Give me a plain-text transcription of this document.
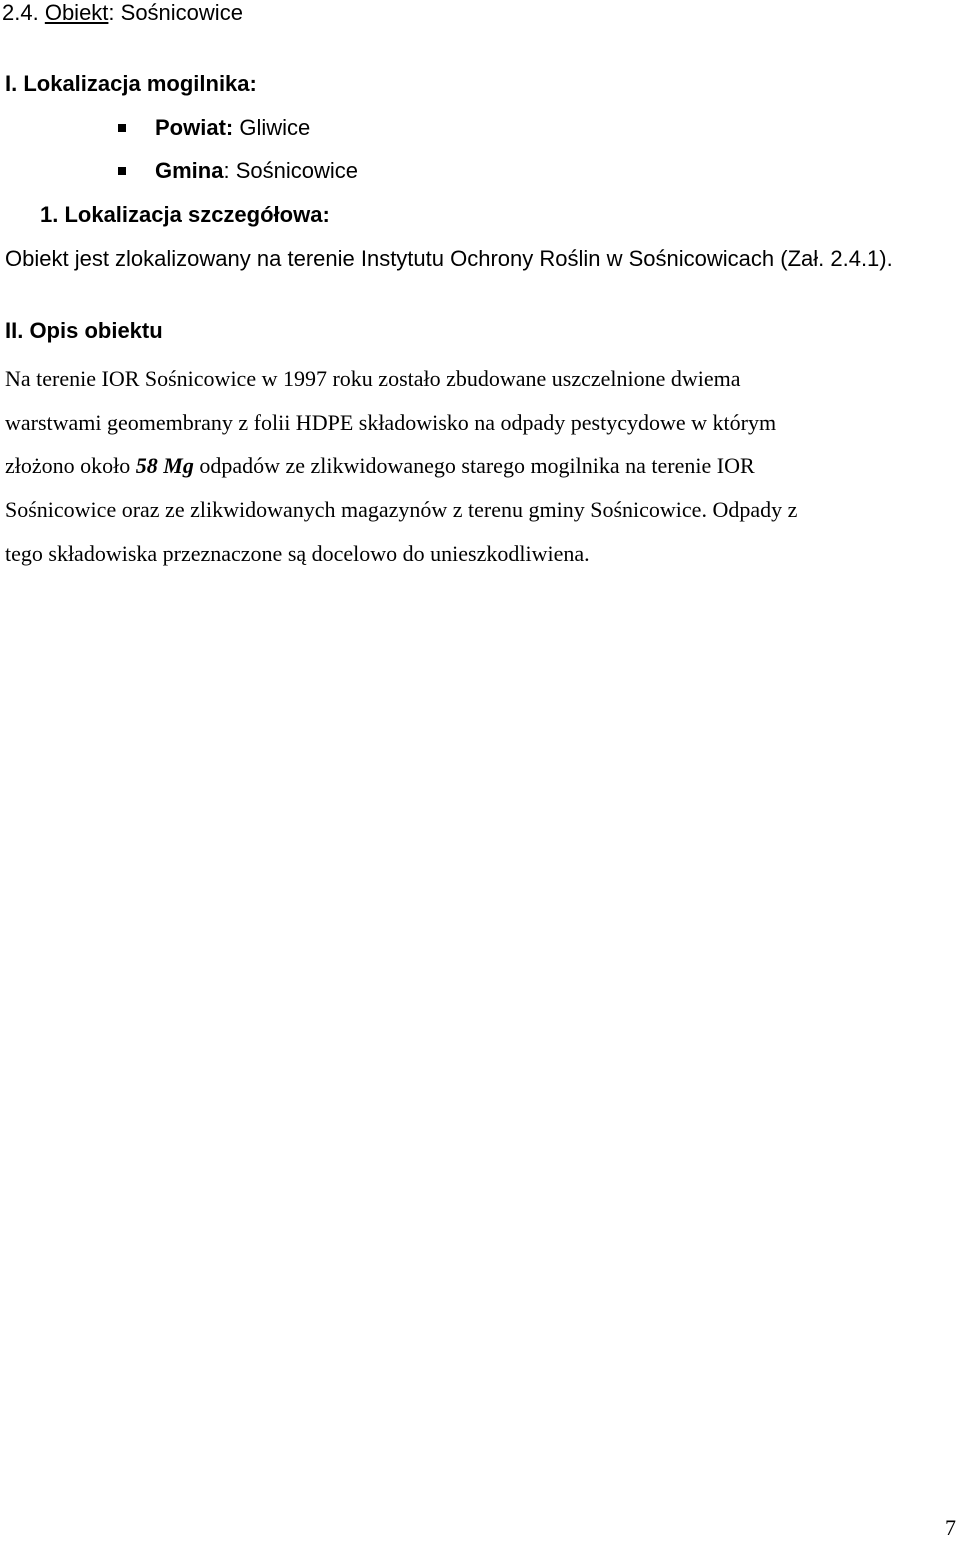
2.4. Obiekt: Sośnicowice
I. Lokalizacja mogilnika:
Powiat: Gliwice
Gmina: Sośnicowice
1. Lokalizacja szczegółowa:
Obiekt jest zlokalizowany na terenie Instytutu Ochrony Roślin w Sośnicowicach (Zał. 2.4.1).
II. Opis obiektu
Na terenie IOR Sośnicowice w 1997 roku zostało zbudowane uszczelnione dwiema
warstwami geomembrany z folii HDPE składowisko na odpady pestycydowe w którym
złożono około 58 Mg odpadów ze zlikwidowanego starego mogilnika na terenie IOR
Sośnicowice oraz ze zlikwidowanych magazynów z terenu gminy Sośnicowice. Odpady z
tego składowiska przeznaczone są docelowo do unieszkodliwiena.
7
